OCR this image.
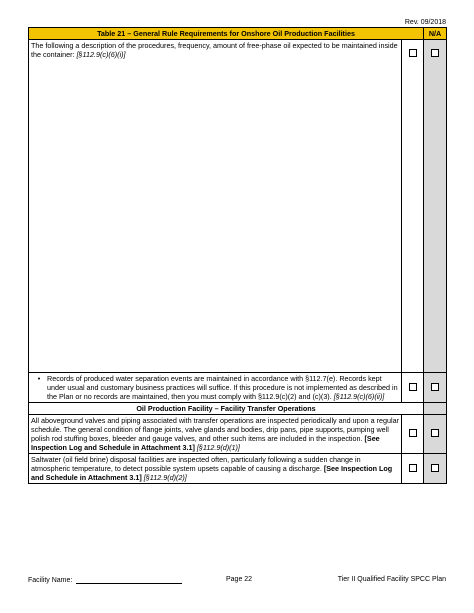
Rev. 09/2018
Table 21 – General Rule Requirements for Onshore Oil Production Facilities		N/A
The following a description of the procedures, frequency, amount of free-phase oil expected to be maintained inside the container: [§112.9(c)(6)(i)]		

• Records of produced water separation events are maintained in accordance with §112.7(e). Records kept under usual and customary business practices will suffice. If this procedure is not implemented as described in the Plan or no records are maintained, then you must comply with §112.9(c)(2) and (c)(3). [§112.9(c)(6)(ii)]		

Oil Production Facility – Facility Transfer Operations		
All aboveground valves and piping associated with transfer operations are inspected periodically and upon a regular schedule. The general condition of flange joints, valve glands and bodies, drip pans, pipe supports, pumping well polish rod stuffing boxes, bleeder and gauge valves, and other such items are included in the inspection. [See Inspection Log and Schedule in Attachment 3.1] [§112.9(d)(1)]		
Saltwater (oil field brine) disposal facilities are inspected often, particularly following a sudden change in atmospheric temperature, to detect possible system upsets capable of causing a discharge. [See Inspection Log and Schedule in Attachment 3.1] [§112.9(d)(2)]		
Facility Name:	Page 22	Tier II Qualified Facility SPCC Plan
